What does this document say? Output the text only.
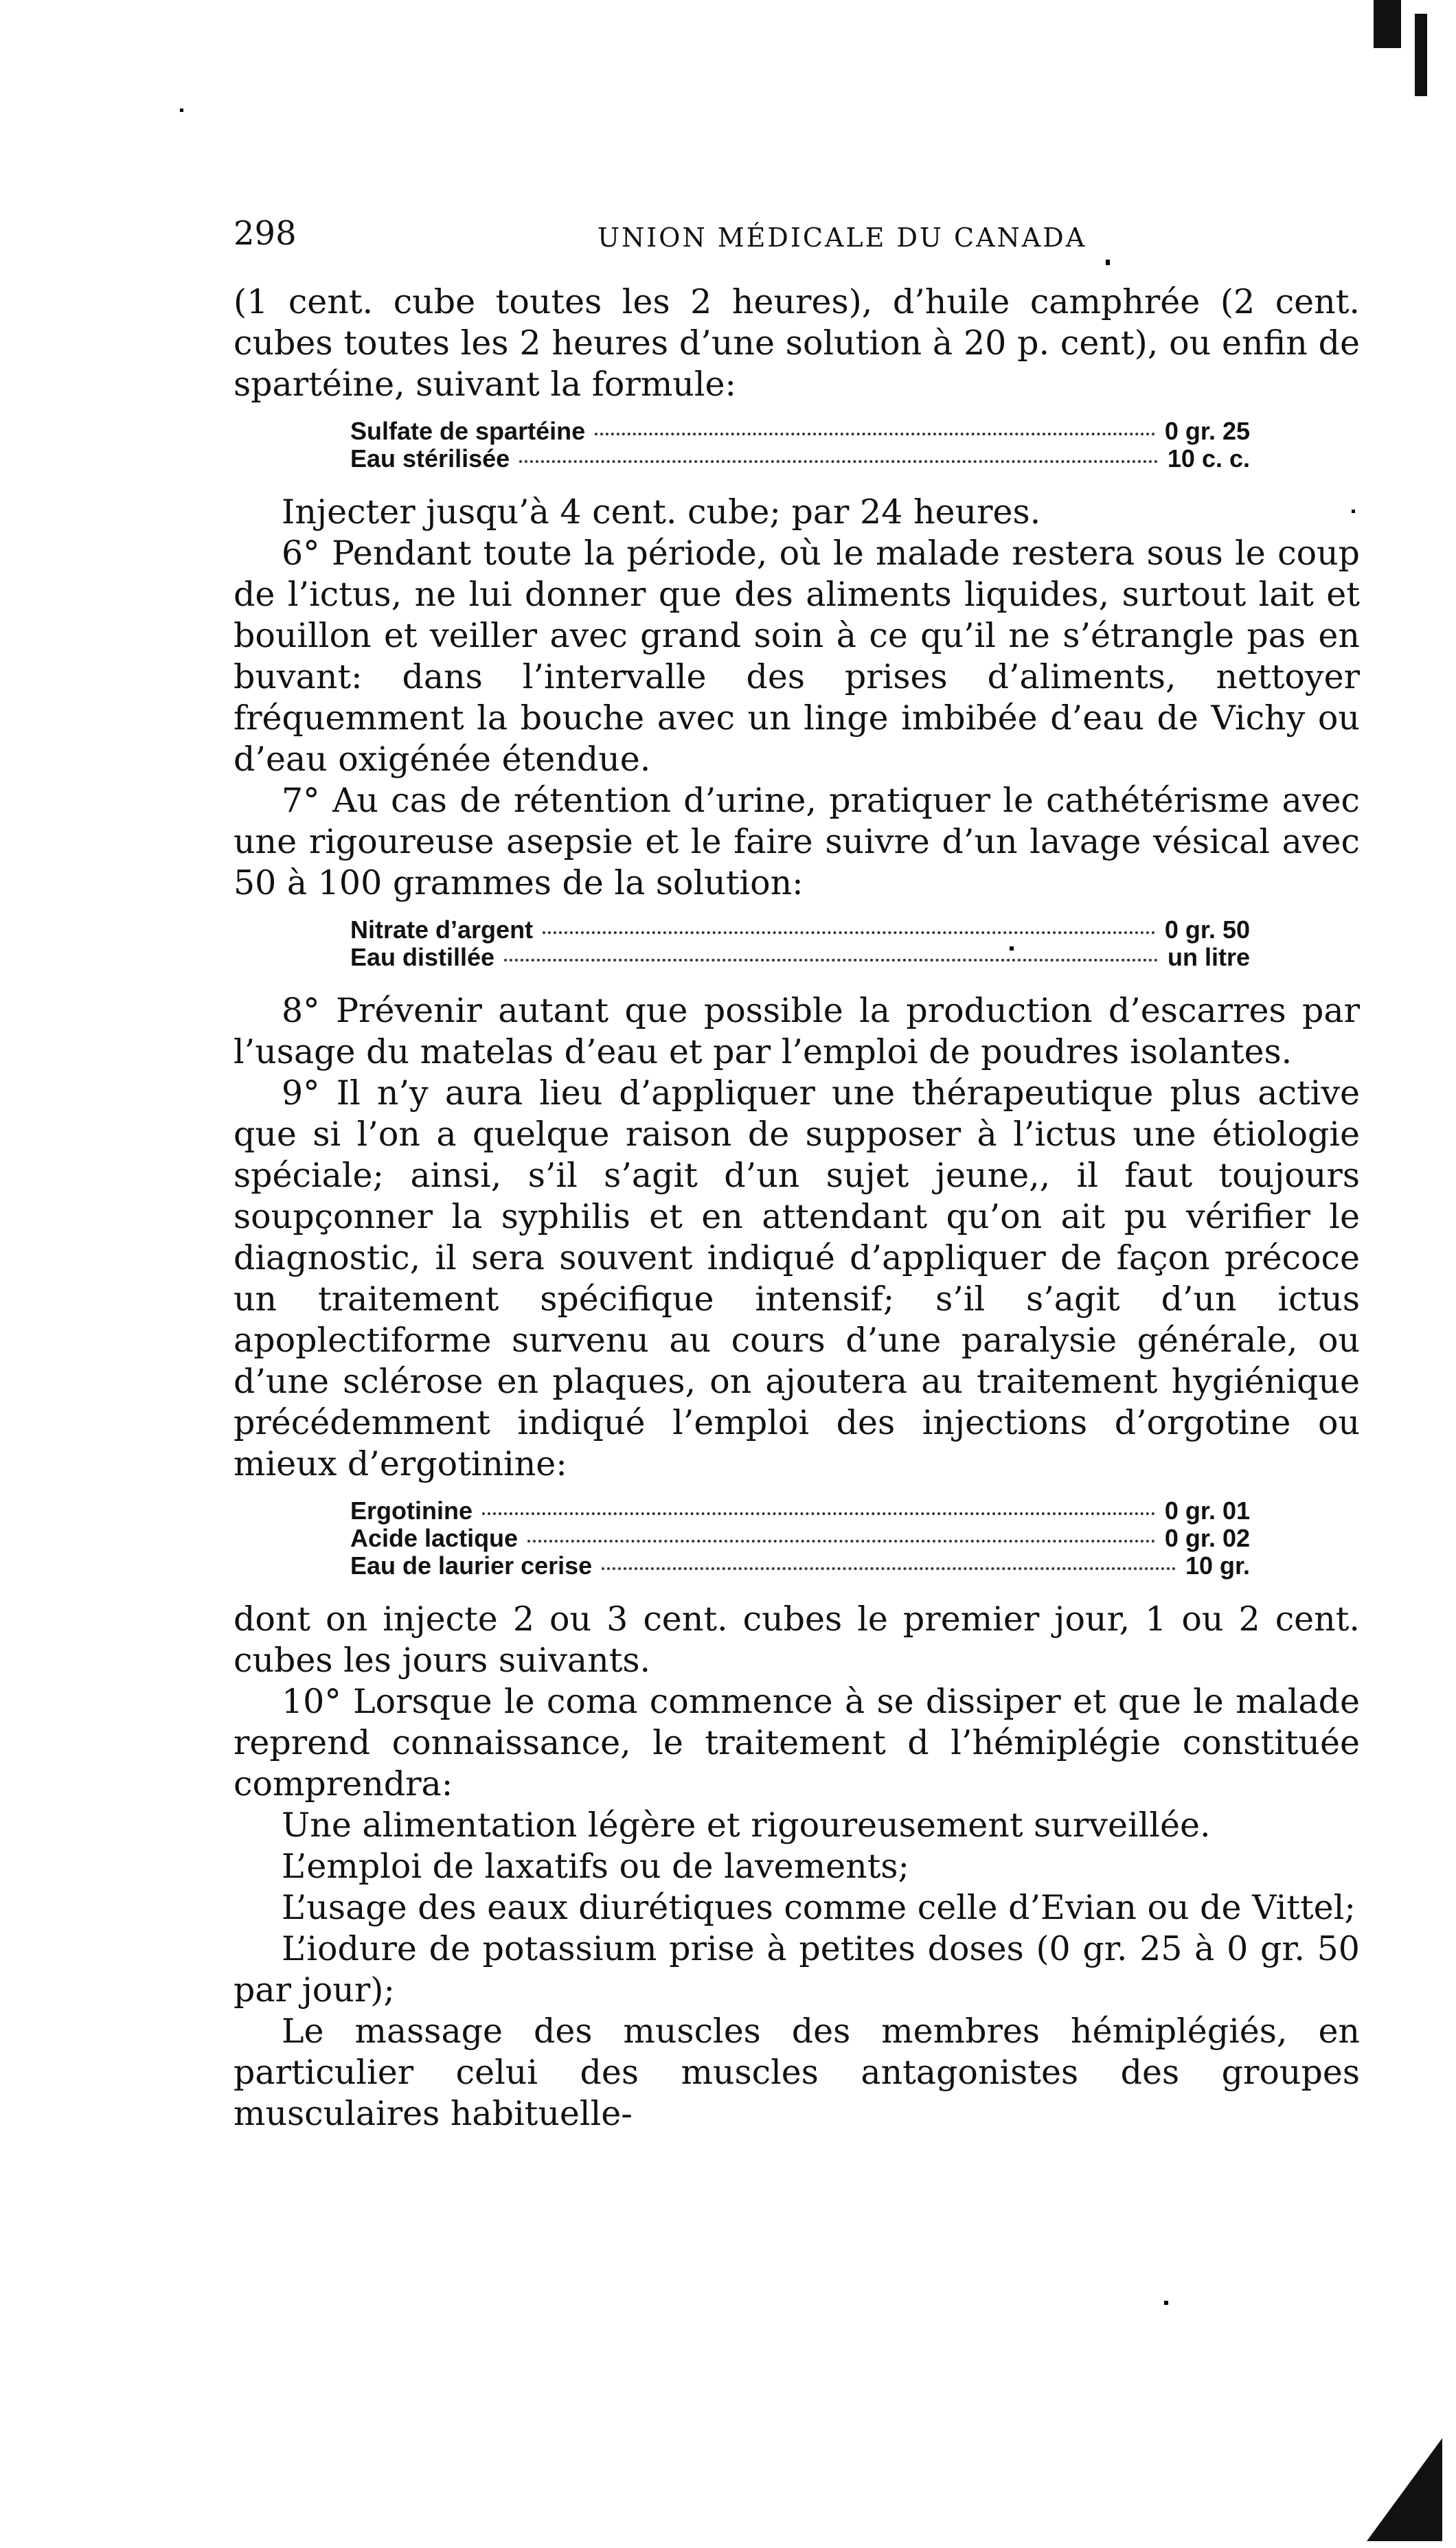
298	UNION MÉDICALE DU CANADA

(1 cent. cube toutes les 2 heures), d’huile camphrée (2 cent. cubes toutes les 2 heures d’une solution à 20 p. cent), ou enfin de spartéine, suivant la formule:

Sulfate de spartéine	0 gr. 25
Eau stérilisée	10 c. c.

Injecter jusqu’à 4 cent. cube; par 24 heures.

6° Pendant toute la période, où le malade restera sous le coup de l’ictus, ne lui donner que des aliments liquides, surtout lait et bouillon et veiller avec grand soin à ce qu’il ne s’étrangle pas en buvant: dans l’intervalle des prises d’aliments, nettoyer fréquemment la bouche avec un linge imbibée d’eau de Vichy ou d’eau oxigénée étendue.

7° Au cas de rétention d’urine, pratiquer le cathétérisme avec une rigoureuse asepsie et le faire suivre d’un lavage vésical avec 50 à 100 grammes de la solution:

Nitrate d’argent	0 gr. 50
Eau distillée	un litre

8° Prévenir autant que possible la production d’escarres par l’usage du matelas d’eau et par l’emploi de poudres isolantes.

9° Il n’y aura lieu d’appliquer une thérapeutique plus active que si l’on a quelque raison de supposer à l’ictus une étiologie spéciale; ainsi, s’il s’agit d’un sujet jeune,, il faut toujours soupçonner la syphilis et en attendant qu’on ait pu vérifier le diagnostic, il sera souvent indiqué d’appliquer de façon précoce un traitement spécifique intensif; s’il s’agit d’un ictus apoplectiforme survenu au cours d’une paralysie générale, ou d’une sclérose en plaques, on ajoutera au traitement hygiénique précédemment indiqué l’emploi des injections d’orgotine ou mieux d’ergotinine:

Ergotinine	0 gr. 01
Acide lactique	0 gr. 02
Eau de laurier cerise	10 gr.

dont on injecte 2 ou 3 cent. cubes le premier jour, 1 ou 2 cent. cubes les jours suivants.

10° Lorsque le coma commence à se dissiper et que le malade reprend connaissance, le traitement d l’hémiplégie constituée comprendra:

Une alimentation légère et rigoureusement surveillée.

L’emploi de laxatifs ou de lavements;

L’usage des eaux diurétiques comme celle d’Evian ou de Vittel;

L’iodure de potassium prise à petites doses (0 gr. 25 à 0 gr. 50 par jour);

Le massage des muscles des membres hémiplégiés, en particulier celui des muscles antagonistes des groupes musculaires habituelle-
